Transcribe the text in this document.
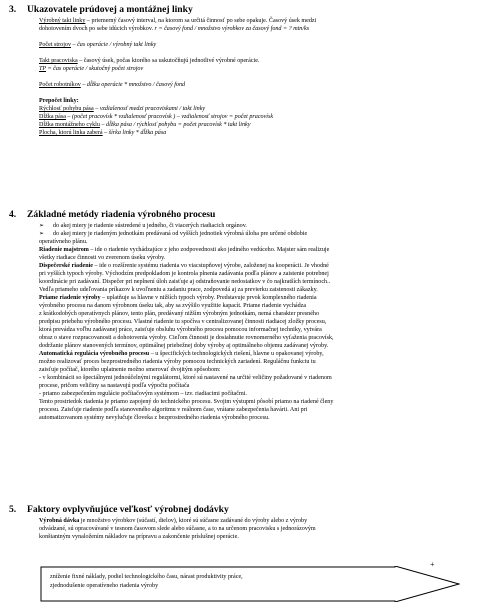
3. Ukazovatele prúdovej a montážnej linky
Výrobný takt linky – priemerný časový interval, na ktorom sa určitá činnosť po sebe opakuje. Časový úsek medzi
dohotovením dvoch po sebe idúcich výrobkov. r = časový fond / množstvo výrobkov za časový fond = ? min/ks
Počet strojov – čas operácie / výrobný takt linky
Takt pracoviska – časový úsek, počas ktorého sa uskutočňujú jednotlivé výrobné operácie.
TP = čas operácie / skutočný počet strojov
Počet robotníkov – dĺžka operácie * množstvo / časový fond
Prepočet linky:
Rýchlosť pohybu pása – vzdialenosť medzi pracoviskami / takt linky
Dĺžka pása – (počet pracovísk * vzdialenosť pracovísk ) – vzdialenosť strojov = počet pracovísk
Dĺžka montážneho cyklu – dĺžka pása / rýchlosť pohybu = počet pracovísk * takt linky
Plocha, ktorú linka zaberá – šírka linky * dĺžka pása
4. Základné metódy riadenia výrobného procesu
➢ do akej miery je riadenie sústredené u jedného, či viacerých riadiacich orgánov.
➢ do akej miery je riadeným jednotkám predávaná od vyšších jednotiek výrobná úloha pre určené obdobie
operatívneho plánu.
Riadenie majstrom – ide o riadenie vychádzajúce z jeho zodpovednosti ako jediného vedúceho. Majster sám realizuje
všetky riadiace činnosti vo zverenom úseku výroby.
Dispečerské riadenie – ide o rozšírenie systému riadenia vo viacstupňovej výrobe, založenej na kooperácii. Je vhodné
pri vyšších typoch výroby. Východzím predpokladom je kontrola plnenia zadávania podľa plánov a zaistenie potrebnej
koordinácie pri zadávaní. Dispečer pri neplnení úloh zaisťuje aj odstraňovanie nedostatkov v čo najkratších termínoch..
Vedľa priameho udeľovania príkazov k uvoľneniu a zadaniu prace, zodpovedá aj za previerku zaistenosti zákazky.
Priame riadenie výroby – uplatňuje sa hlavne v nižších typoch výroby. Predstavuje prvok komplexného riadenia
výrobného procesu na danom výrobnom úseku tak, aby sa zvýšilo využitie kapacít. Priame riadenie vychádza
z krátkodobých operatívnych plánov, tento plán, predávaný nižším výrobným jednotkám, nemá charakter presného
predpisu priebehu výrobného procesu. Vlastné riadenie tu spočíva v centralizovanej činnosti riadiacej zložky procesu,
ktorá prevádza voľbu zadávanej práce, zaisťuje obsluhu výrobného procesu pomocou informačnej techniky, vytvára
obraz o stave rozpracovanosti a dohotovenia výroby. Cieľom činnosti je dosiahnutie rovnomerného vyťaženia pracovísk,
dodržanie plánov stanovených termínov, optimálnej priebežnej doby výroby aj optimálneho objemu zadávanej výroby.
Automatická regulácia výrobného procesu – u špecifických technologických riešení, hlavne u opakovanej výroby,
možno realizovať proces bezprostredného riadenia výroby pomocou technických zariadení. Reguláčnu funkciu tu
zaisťuje počítač, ktorého uplatnenie možno smerovať dvojitým spôsobom:
- v kombinácii so špeciálnymi jednoúčelnými regulátormi, ktoré sú nastavené na určité veličiny požadované v riadenom
procese, pričom veličiny sa nastavujú podľa výpočtu počítača
- priamo zabezpečením regulácie počítačovým systémom – tzv. riadiacimi počítačmi.
Tento prostriedok riadenia je priamo zapojený do technického procesu. Svojim výstupmi pôsobí priamo na riadené členy
procesu. Zaisťuje riadenie podľa stanoveného algoritmu v reálnom čase, vrátane zabezpečenia havárii. Ani pri
automatizovanom systémy nevylučuje človeka z bezprostredného riadenia výrobného procesu.
5. Faktory ovplyvňujúce veľkosť výrobnej dodávky
Výrobná dávka je množstvo výrobkov (súčastí, dielov), ktoré sú súčasne zadávané do výroby alebo z výroby
odvádzané, sú opracovávané v tesnom časovom slede alebo súčasne, a to na určenom pracovisku s jednorázovým
konštantným vynaložením nákladov na prípravu a zakončenie príslušnej operácie.
zníženie fixné náklady, podiel technologického času, nárast produktivity práce,
zjednodušenie operatívneho riadenia výroby
+
